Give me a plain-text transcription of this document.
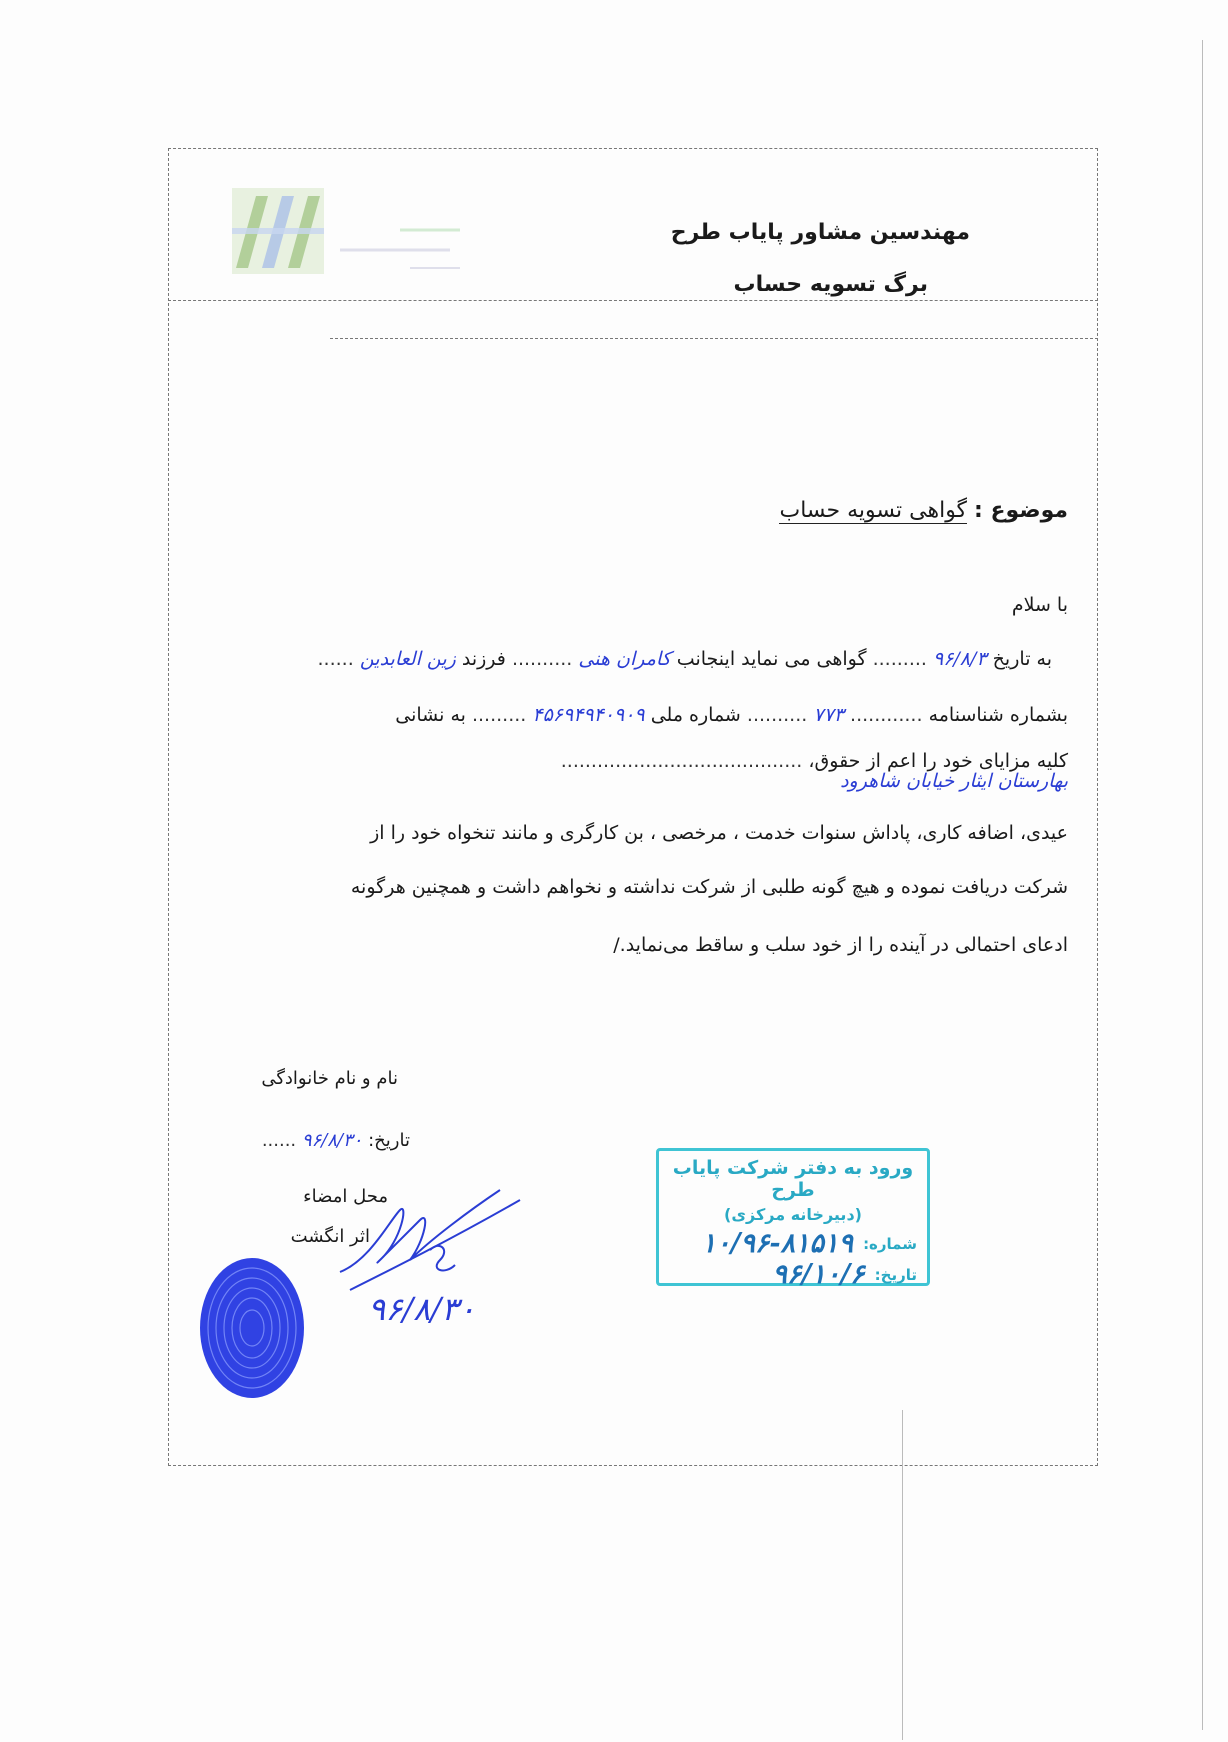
مهندسین مشاور پایاب طرح
برگ تسویه حساب
موضوع : گواهی تسویه حساب
با سلام
به تاریخ ۹۶/۸/۳ ......... گواهی می نماید اینجانب کامران هنی .......... فرزند زین العابدین ......
بشماره شناسنامه ............ ۷۷۳ .......... شماره ملی ۴۵۶۹۴۹۴۰۹۰۹ ......... به نشانی
کلیه مزایای خود را اعم از حقوق، ........................................
بهارستان ایثار خیابان شاهرود
عیدی، اضافه کاری، پاداش سنوات خدمت ، مرخصی ، بن کارگری و مانند تنخواه خود را از
شرکت دریافت نموده و هیچ گونه طلبی از شرکت نداشته و نخواهم داشت و همچنین هرگونه
ادعای احتمالی در آینده را از خود سلب و ساقط می‌نماید./
نام و نام خانوادگی
تاریخ: ۹۶/۸/۳۰ ......
محل امضاء
اثر انگشت
۹۶/۸/۳۰
ورود به دفتر شرکت پایاب طرح
(دبیرخانه مرکزی)
شماره:
۱۰/۹۶-۸۱۵۱۹
تاریخ:
۹۶/۱۰/۶
